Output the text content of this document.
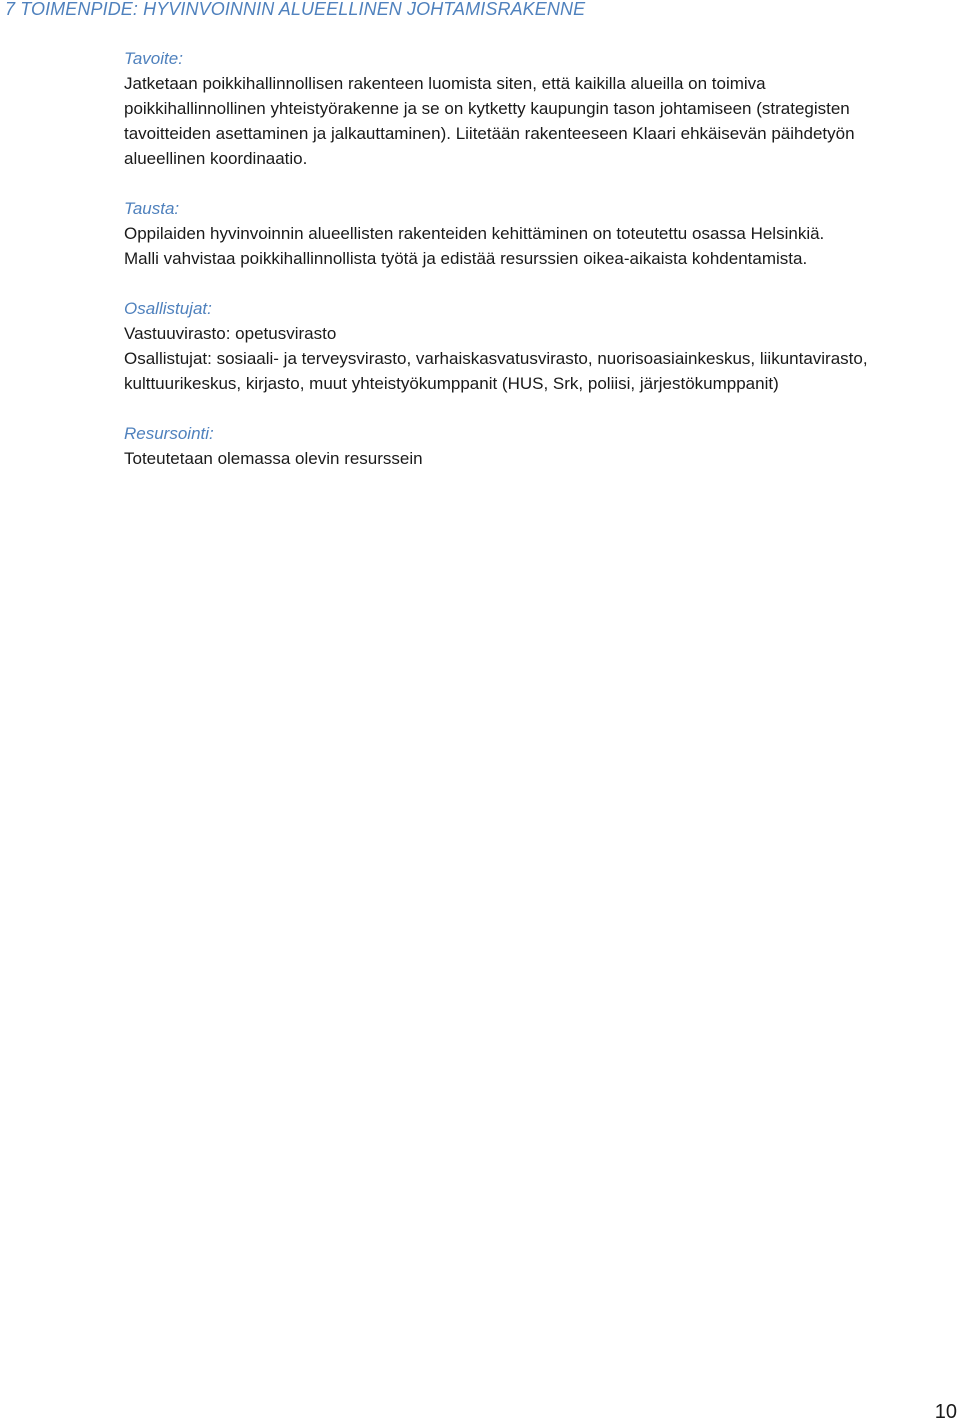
7 TOIMENPIDE: HYVINVOINNIN ALUEELLINEN JOHTAMISRAKENNE
Tavoite:

Jatketaan poikkihallinnollisen rakenteen luomista siten, että kaikilla alueilla on toimiva
poikkihallinnollinen yhteistyörakenne ja se on kytketty kaupungin tason johtamiseen (strategisten
tavoitteiden asettaminen ja jalkauttaminen). Liitetään rakenteeseen Klaari ehkäisevän päihdetyön
alueellinen koordinaatio.

Tausta:

Oppilaiden hyvinvoinnin alueellisten rakenteiden kehittäminen on toteutettu osassa Helsinkiä.
Malli vahvistaa poikkihallinnollista työtä ja edistää resurssien oikea-aikaista kohdentamista.

Osallistujat:

Vastuuvirasto: opetusvirasto
Osallistujat: sosiaali- ja terveysvirasto, varhaiskasvatusvirasto, nuorisoasiainkeskus, liikuntavirasto,
kulttuurikeskus, kirjasto, muut yhteistyökumppanit (HUS, Srk, poliisi, järjestökumppanit)

Resursointi:

Toteutetaan olemassa olevin resurssein

10
